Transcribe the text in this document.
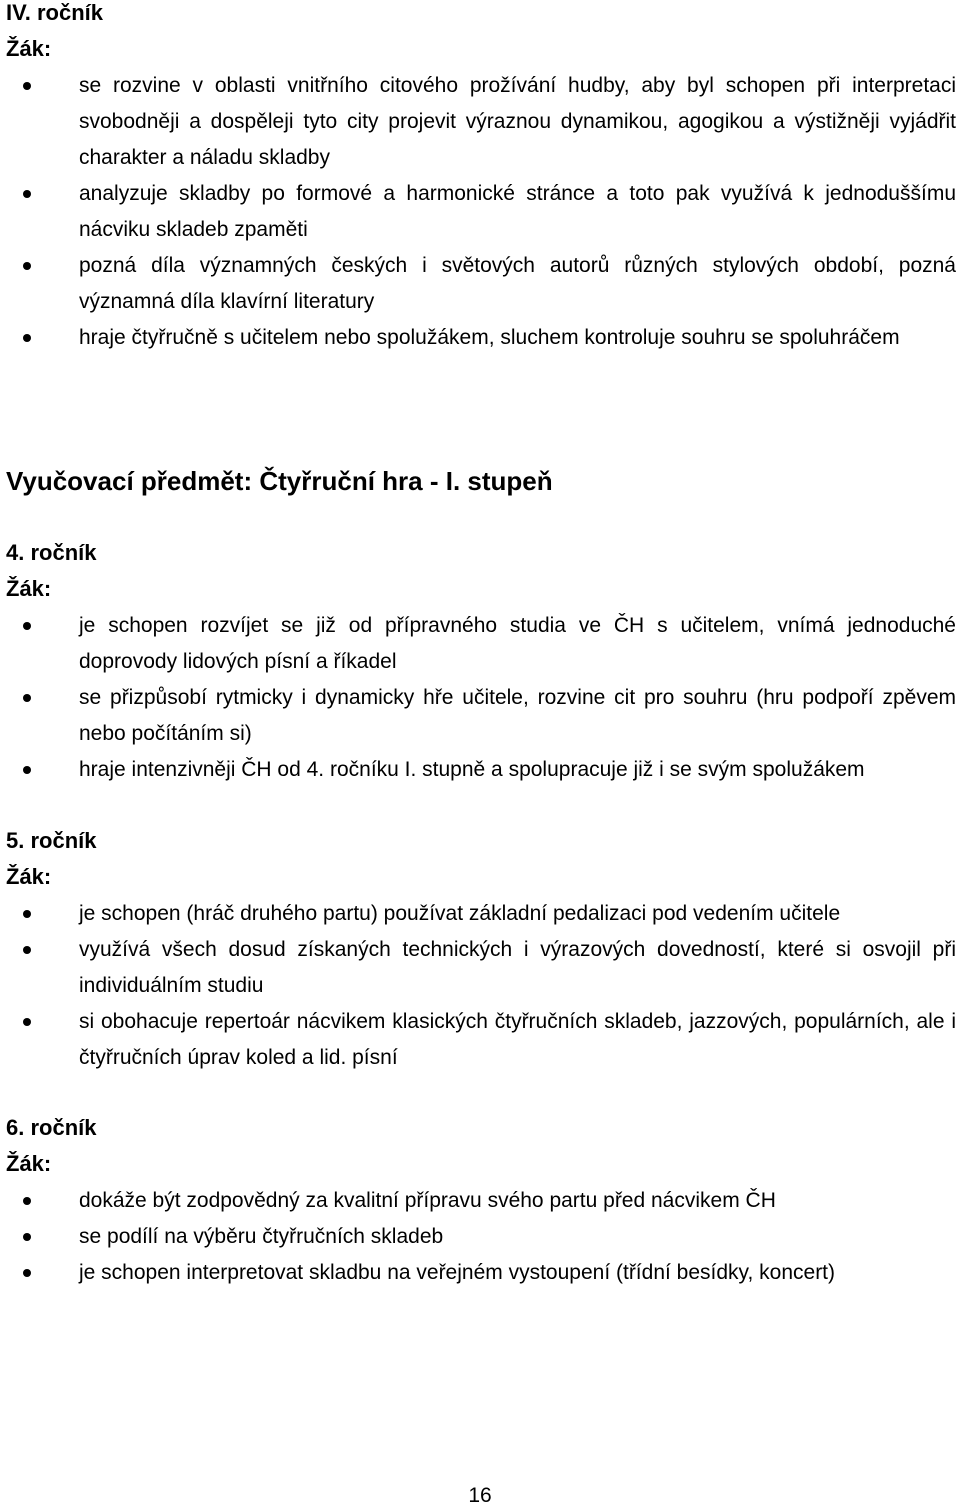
IV. ročník
Žák:
se rozvine v oblasti vnitřního citového prožívání hudby, aby byl schopen při interpretaci svobodněji a dospěleji tyto city projevit výraznou dynamikou, agogikou a výstižněji vyjádřit charakter a náladu skladby
analyzuje skladby po formové a harmonické stránce a toto pak využívá k jednoduššímu nácviku skladeb zpaměti
pozná díla významných českých i světových autorů různých stylových období, pozná významná díla klavírní literatury
hraje čtyřručně s učitelem nebo spolužákem, sluchem kontroluje souhru se spoluhráčem
Vyučovací předmět: Čtyřruční hra - I. stupeň
4. ročník
Žák:
je schopen rozvíjet se již od přípravného studia ve ČH s učitelem, vnímá jednoduché doprovody lidových písní a říkadel
se přizpůsobí rytmicky i dynamicky hře učitele, rozvine cit pro souhru (hru podpoří zpěvem nebo počítáním si)
hraje intenzivněji ČH od 4. ročníku I. stupně a spolupracuje již i se svým spolužákem
5. ročník
Žák:
je schopen (hráč druhého partu) používat základní pedalizaci pod vedením učitele
využívá všech dosud získaných technických i výrazových dovedností, které si osvojil při individuálním studiu
si obohacuje repertoár nácvikem klasických čtyřručních skladeb, jazzových, populárních, ale i čtyřručních úprav koled a lid. písní
6. ročník
Žák:
dokáže být zodpovědný za kvalitní přípravu svého partu před nácvikem ČH
se podílí na výběru čtyřručních skladeb
je schopen interpretovat skladbu na veřejném vystoupení (třídní besídky, koncert)
16
